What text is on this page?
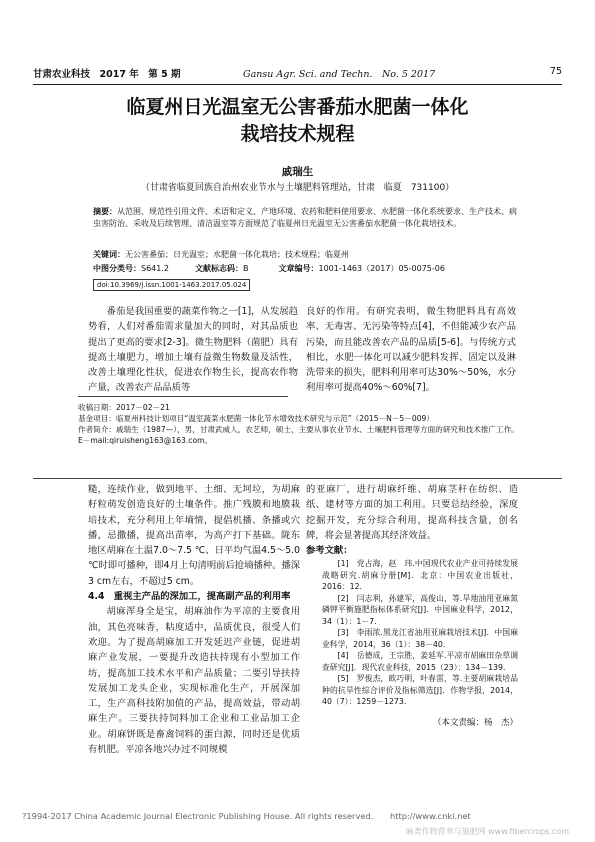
甘肃农业科技　 2017 年　第 5 期	Gansu Agr. Sci. and Techn.　 No. 5 2017	75
临夏州日光温室无公害番茄水肥菌一体化
栽培技术规程
戚瑞生
（甘肃省临夏回族自治州农业节水与土壤肥料管理站，甘肃　临夏　731100）
摘要：从范围、规范性引用文件、术语和定义、产地环境、农药和肥料使用要求、水肥菌一体化系统要求、生产技术、病虫害防治、采收及后续管理、清洁温室等方面规范了临夏州日光温室无公害番茄水肥菌一体化栽培技术。
关键词：无公害番茄；日光温室；水肥菌一体化栽培；技术规程；临夏州
中图分类号：S641.2	文献标志码：B	文章编号：1001-1463（2017）05-0075-06
doi:10.3969/j.issn.1001-1463.2017.05.024

番茄是我国重要的蔬菜作物之一[1]，从发展趋势看，人们对番茄需求量加大的同时，对其品质也提出了更高的要求[2-3]。微生物肥料（菌肥）具有提高土壤肥力，增加土壤有益微生物数量及活性，改善土壤理化性状，促进农作物生长，提高农作物产量，改善农产品品质等

良好的作用。有研究表明，微生物肥料具有高效率、无毒害、无污染等特点[4]，不但能减少农产品污染，而且能改善农产品的品质[5-6]。与传统方式相比，水肥一体化可以减少肥料发挥、固定以及淋洗带来的损失，肥料利用率可达30%～50%，水分利用率可提高40%～60%[7]。

收稿日期：2017－02－21
基金项目：临夏州科技计划项目“温室蔬菜水肥菌一体化节水增效技术研究与示范”（2015－N－5－009）
作者简介：戚瑞生（1987—），男，甘肃武威人，农艺师，硕士，主要从事农业节水、土壤肥料管理等方面的研究和技术推广工作。E－mail:qiruisheng163@163.com。

糙，连续作业，做到地平、土细、无坷垃，为胡麻籽粒萌发创造良好的土壤条件。推广残膜和地膜栽培技术，充分利用上年墒情，提倡机播、条播或穴播，忌撒播，提高出苗率，为高产打下基础。陇东地区胡麻在土温7.0～7.5 ℃、日平均气温4.5～5.0 ℃时即可播种，即4月上旬清明前后抢墒播种。播深3 cm左右，不超过5 cm。

4.4　重视主产品的深加工，提高副产品的利用率

胡麻浑身全是宝，胡麻油作为平凉的主要食用油，其色亮味香，粘度适中，品质优良，很受人们欢迎。为了提高胡麻加工开发延迟产业链，促进胡麻产业发展，一要提升改造扶持现有小型加工作坊，提高加工技术水平和产品质量；二要引导扶持发展加工龙头企业，实现标准化生产，开展深加工，生产高科技附加值的产品，提高效益，带动胡麻生产。三要扶持饲料加工企业和工业品加工企业。胡麻饼既是畜禽饲料的蛋白源，同时还是优质有机肥。平凉各地兴办过不同规模

的亚麻厂，进行胡麻纤维、胡麻茎秆在纺织、造纸、建材等方面的加工利用。只要总结经验，深度挖掘开发，充分综合利用，提高科技含量，创名牌，将会显著提高其经济效益。

参考文献：

[1]　党占海，赵　玮.中国现代农业产业可持续发展战略研究.胡麻分册[M]．北京：中国农业出版社，2016：12.

[2]　闫志利，孙建军，高俊山，等.旱地油用亚麻氮磷钾平衡施肥指标体系研究[J]．中国麻业科学，2012，34（1）：1－7.

[3]　李雨浓.黑龙江省油用亚麻栽培技术[J]．中国麻业科学，2014，36（1）：38－40.

[4]　岳德成，王宗胜，姜延军.平凉市胡麻田杂草调查研究[J]．现代农业科技，2015（23）：134－139.

[5]　罗俊杰，欧巧明，叶春雷，等.主要胡麻栽培品种的抗旱性综合评价及指标筛选[J]．作物学报，2014，40（7）：1259－1273.

（本文责编：杨　杰）
?1994-2017 China Academic Journal Electronic Publishing House. All rights reserved.　　http://www.cnki.net
麻类作物营养与施肥网 www.fibercrops.com
